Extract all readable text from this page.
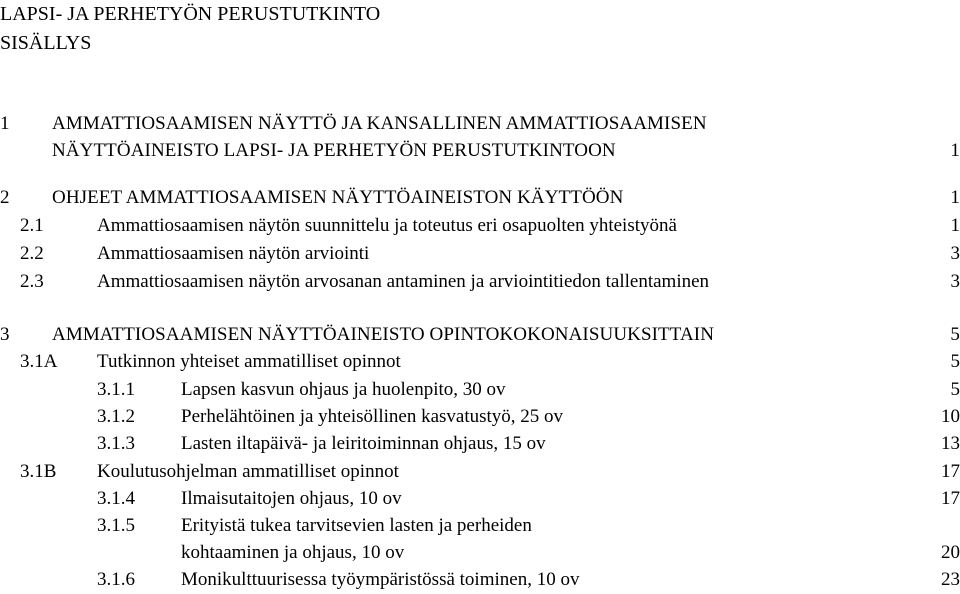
LAPSI- JA PERHETYÖN PERUSTUTKINTO
SISÄLLYS
1 AMMATTIOSAAMISEN NÄYTTÖ JA KANSALLINEN AMMATTIOSAAMISEN
NÄYTTÖAINEISTO LAPSI- JA PERHETYÖN PERUSTUTKINTOON	1
2 OHJEET AMMATTIOSAAMISEN NÄYTTÖAINEISTON KÄYTTÖÖN	1
2.1	Ammattiosaamisen näytön suunnittelu ja toteutus eri osapuolten yhteistyönä	1
2.2	Ammattiosaamisen näytön arviointi	3
2.3	Ammattiosaamisen näytön arvosanan antaminen ja arviointitiedon tallentaminen	3
3 AMMATTIOSAAMISEN NÄYTTÖAINEISTO OPINTOKOKONAISUUKSITTAIN	5
3.1A Tutkinnon yhteiset ammatilliset opinnot	5
3.1.1 Lapsen kasvun ohjaus ja huolenpito, 30 ov	5
3.1.2 Perhelähtöinen ja yhteisöllinen kasvatustyö, 25 ov	10
3.1.3 Lasten iltapäivä- ja leiritoiminnan ohjaus, 15 ov	13
3.1B Koulutusohjelman ammatilliset opinnot	17
3.1.4 Ilmaisutaitojen ohjaus, 10 ov	17
3.1.5 Erityistä tukea tarvitsevien lasten ja perheiden
kohtaaminen ja ohjaus, 10 ov	20
3.1.6 Monikulttuurisessa työympäristössä toiminen, 10 ov	23
